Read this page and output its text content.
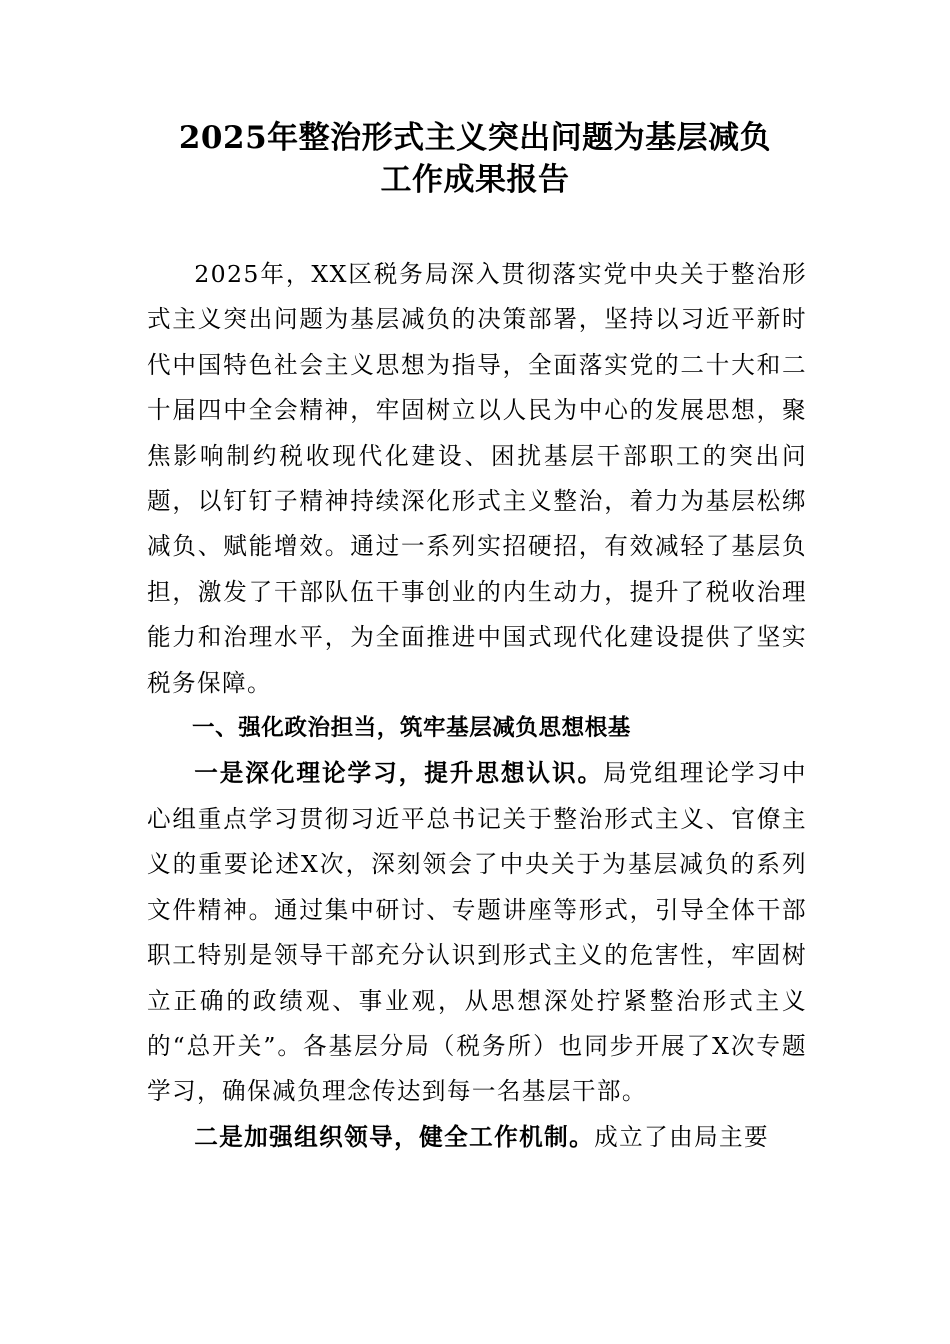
2025年整治形式主义突出问题为基层减负
工作成果报告

2025年，XX区税务局深入贯彻落实党中央关于整治形式主义突出问题为基层减负的决策部署，坚持以习近平新时代中国特色社会主义思想为指导，全面落实党的二十大和二十届四中全会精神，牢固树立以人民为中心的发展思想，聚焦影响制约税收现代化建设、困扰基层干部职工的突出问题，以钉钉子精神持续深化形式主义整治，着力为基层松绑减负、赋能增效。通过一系列实招硬招，有效减轻了基层负担，激发了干部队伍干事创业的内生动力，提升了税收治理能力和治理水平，为全面推进中国式现代化建设提供了坚实税务保障。

一、强化政治担当，筑牢基层减负思想根基

一是深化理论学习，提升思想认识。局党组理论学习中心组重点学习贯彻习近平总书记关于整治形式主义、官僚主义的重要论述X次，深刻领会了中央关于为基层减负的系列文件精神。通过集中研讨、专题讲座等形式，引导全体干部职工特别是领导干部充分认识到形式主义的危害性，牢固树立正确的政绩观、事业观，从思想深处拧紧整治形式主义的“总开关”。各基层分局（税务所）也同步开展了X次专题学习，确保减负理念传达到每一名基层干部。

二是加强组织领导，健全工作机制。成立了由局主要
